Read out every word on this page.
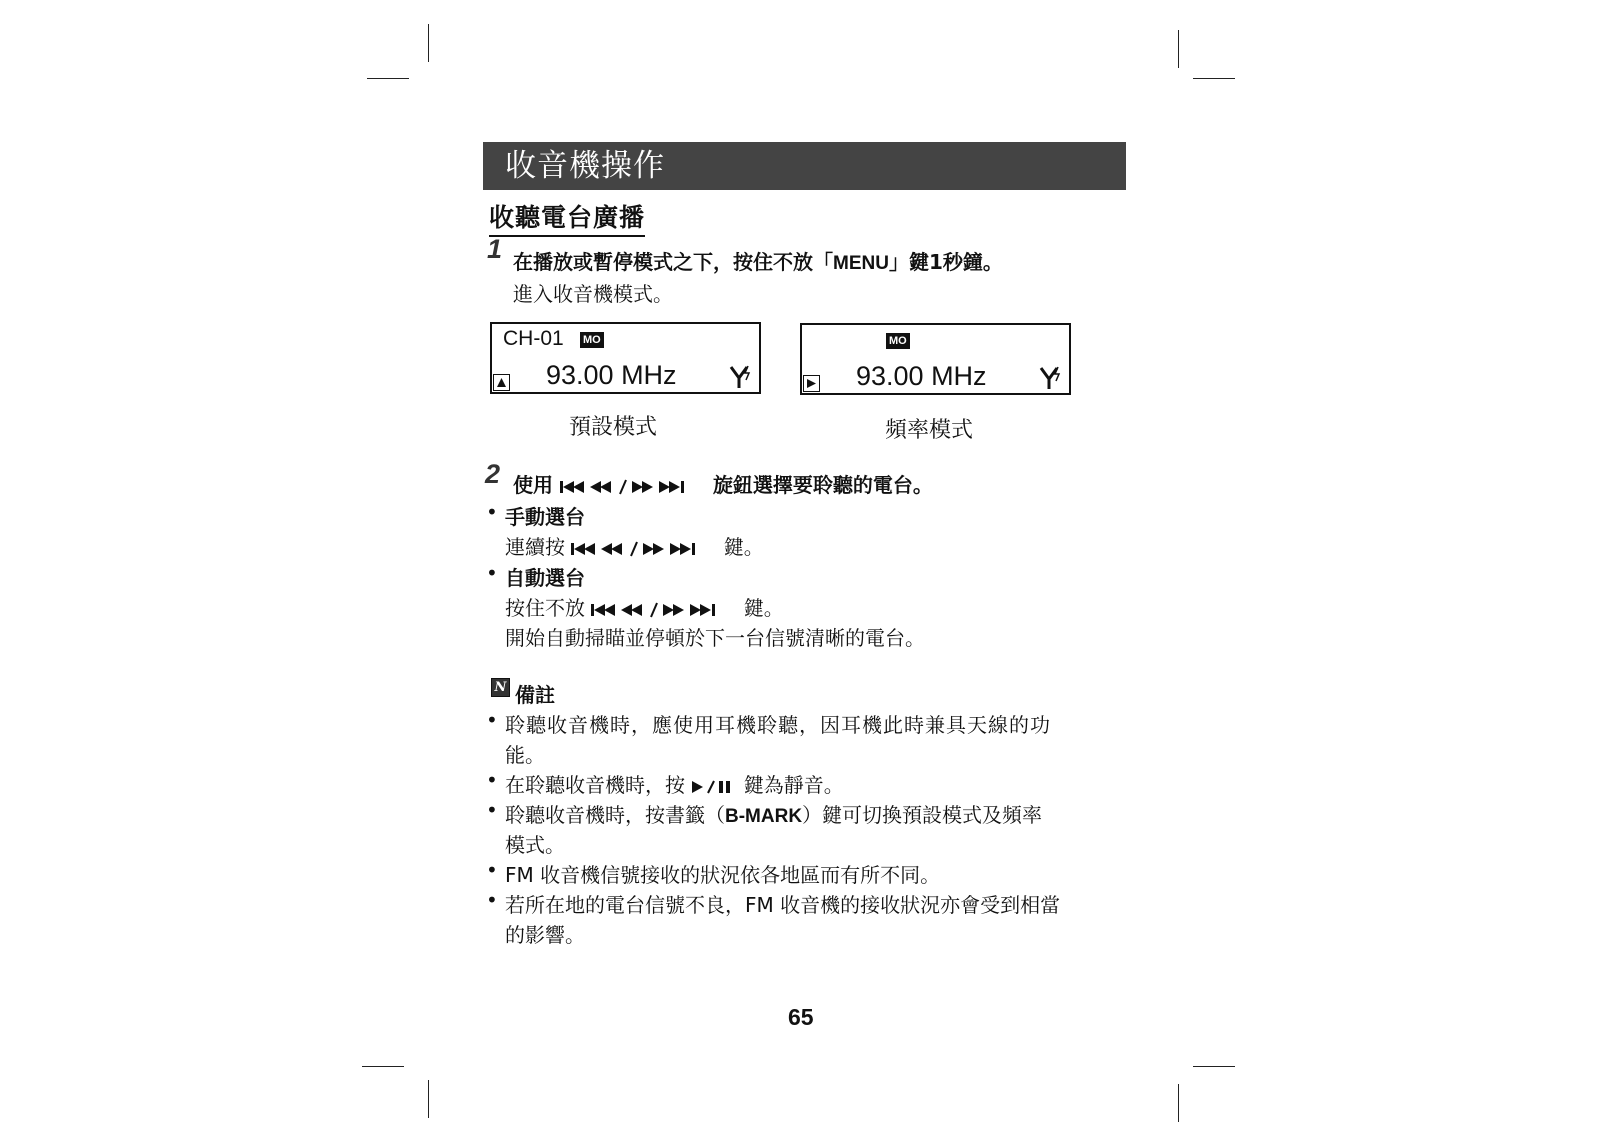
收音機操作
收聽電台廣播
1 在播放或暫停模式之下，按住不放「MENU」鍵1秒鐘。
進入收音機模式。
CH-01 MO
93.00 MHz
預設模式
MO
93.00 MHz
頻率模式
2 使用	旋鈕選擇要聆聽的電台。
• 手動選台
連續按	鍵。
• 自動選台
按住不放	鍵。
開始自動掃瞄並停頓於下一台信號清晰的電台。
N 備註
• 聆聽收音機時，應使用耳機聆聽，因耳機此時兼具天線的功
能。
• 在聆聽收音機時，按	鍵為靜音。
• 聆聽收音機時，按書籤（B-MARK）鍵可切換預設模式及頻率
模式。
• FM 收音機信號接收的狀況依各地區而有所不同。
• 若所在地的電台信號不良，FM 收音機的接收狀況亦會受到相當
的影響。
65
